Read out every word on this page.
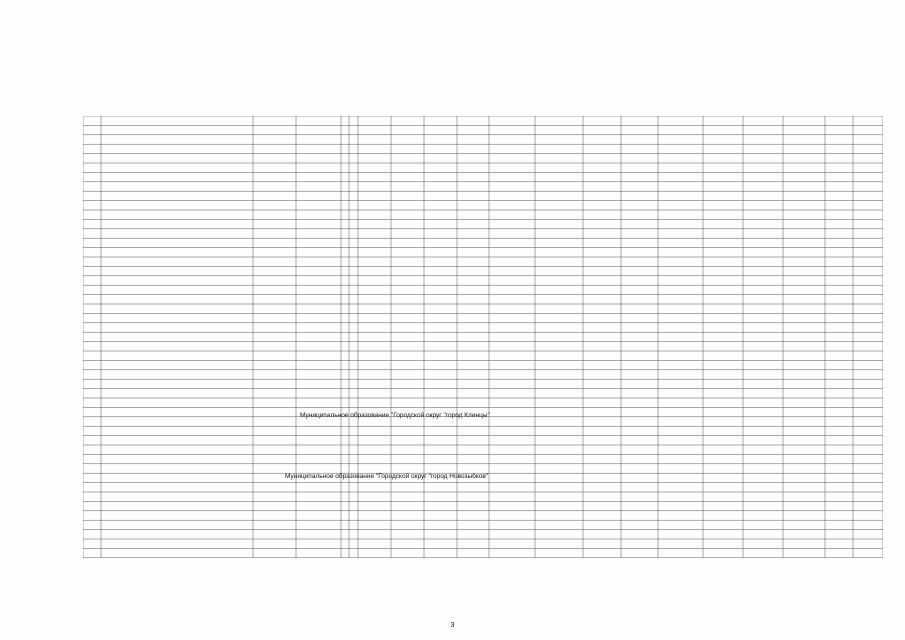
Муниципальное образование "Городской округ "город Клинцы"
Муниципальное образование "Городской округ "город Новозыбков"
3
